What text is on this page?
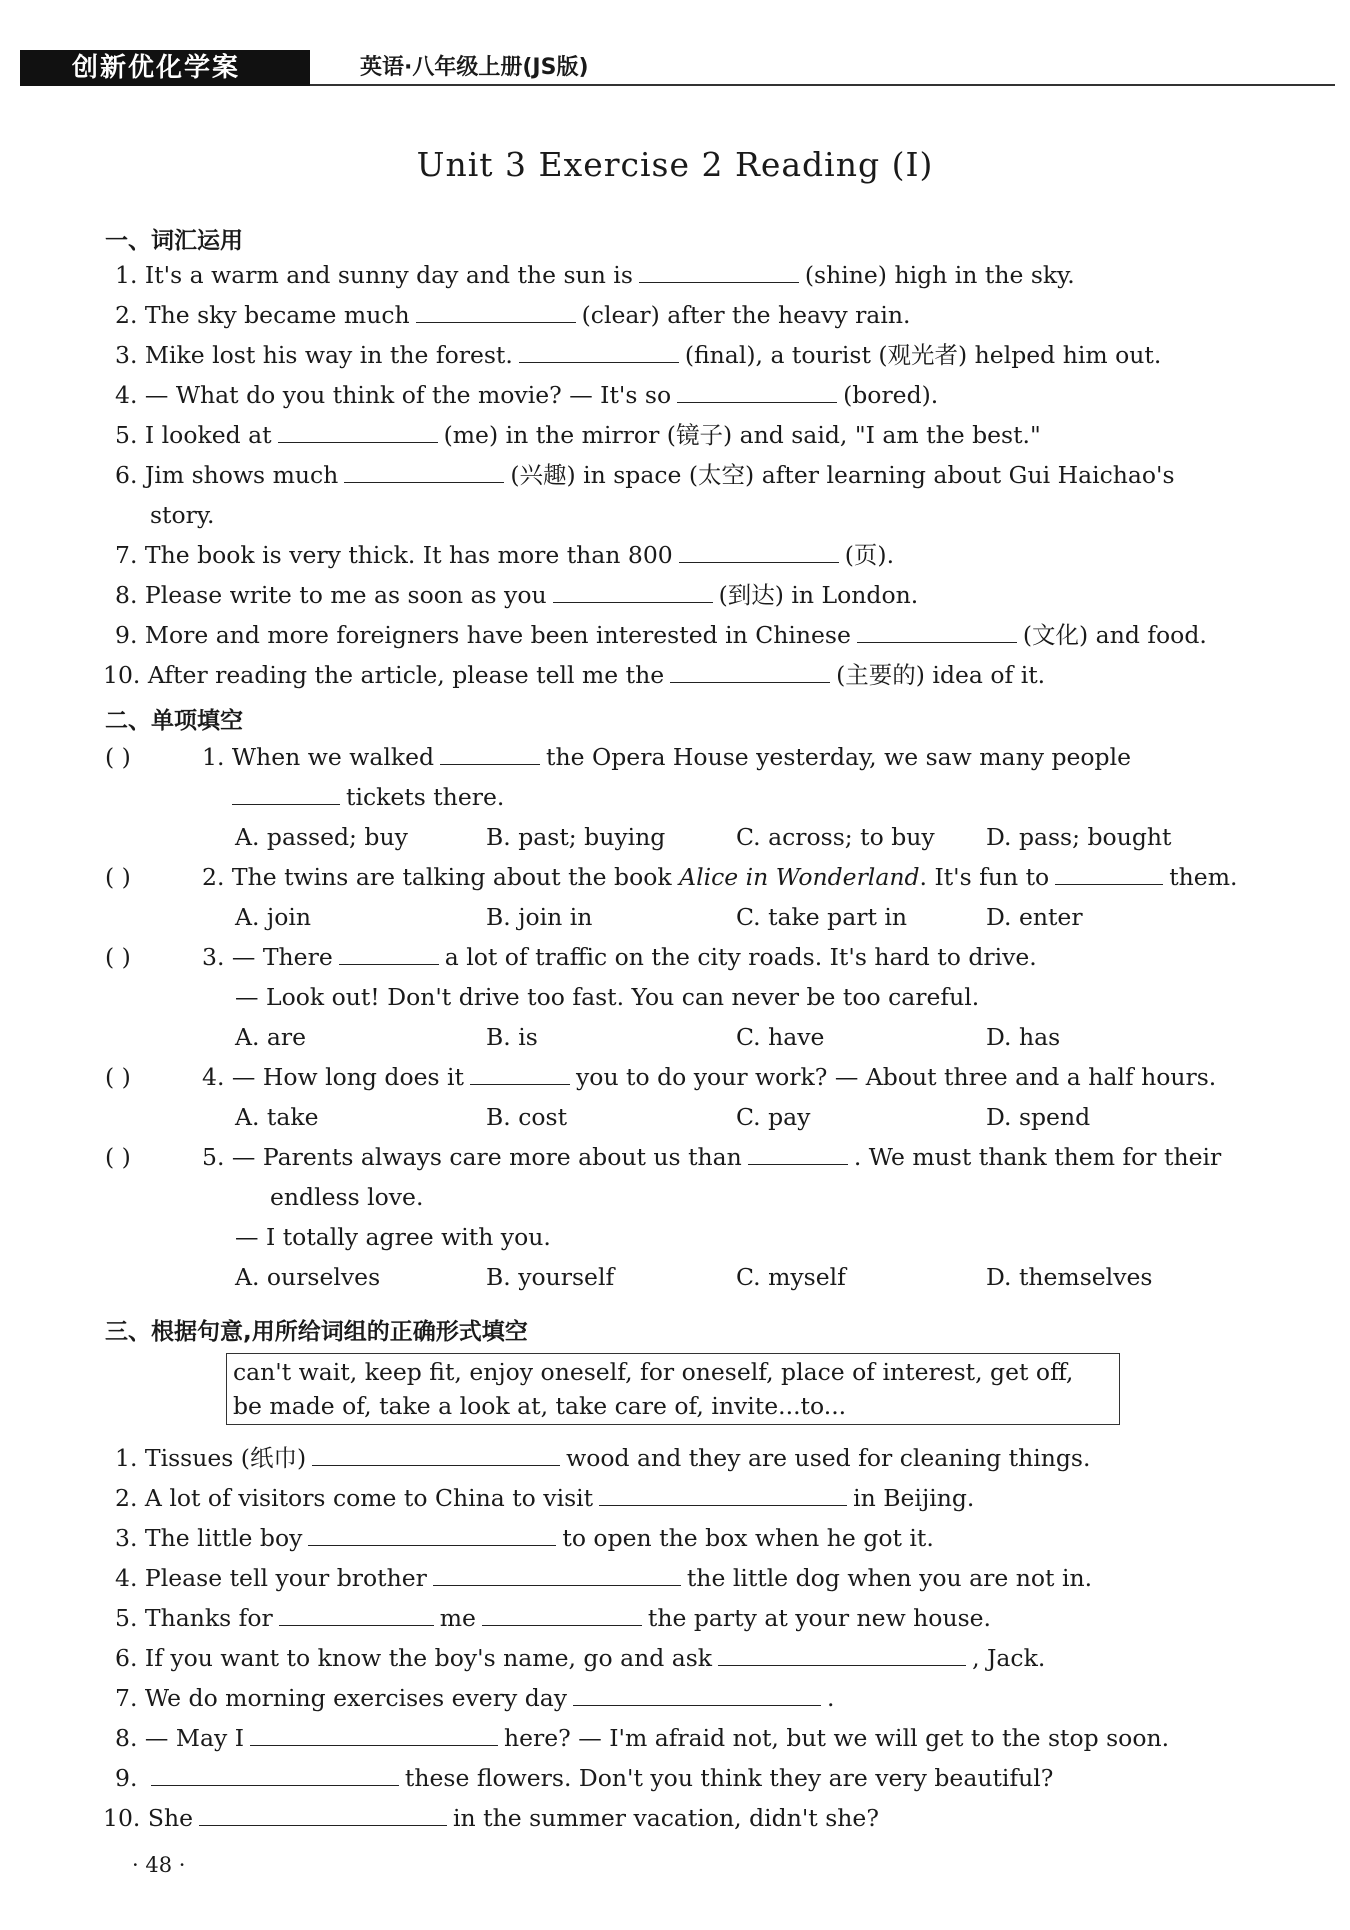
创新优化学案	英语·八年级上册(JS版)
Unit 3 Exercise 2 Reading (Ⅰ)
一、词汇运用
1. It's a warm and sunny day and the sun is	(shine) high in the sky.
2. The sky became much	(clear) after the heavy rain.
3. Mike lost his way in the forest.	(final), a tourist (观光者) helped him out.
4. — What do you think of the movie? — It's so	(bored).
5. I looked at	(me) in the mirror (镜子) and said, "I am the best."
6. Jim shows much	(兴趣) in space (太空) after learning about Gui Haichao's
story.
7. The book is very thick. It has more than 800	(页).
8. Please write to me as soon as you	(到达) in London.
9. More and more foreigners have been interested in Chinese	(文化) and food.
10. After reading the article, please tell me the	(主要的) idea of it.
二、单项填空
( )	1. When we walked	the Opera House yesterday, we saw many people
tickets there.
A. passed; buy	B. past; buying	C. across; to buy D. pass; bought
( )	2. The twins are talking about the book Alice in Wonderland. It's fun to	them.
A. join	B. join in	C. take part in	D. enter
( )	3. — There	a lot of traffic on the city roads. It's hard to drive.
— Look out! Don't drive too fast. You can never be too careful.
A. are	B. is	C. have	D. has
( )	4. — How long does it	you to do your work? — About three and a half hours.
A. take	B. cost	C. pay	D. spend
( )	5. — Parents always care more about us than	. We must thank them for their
endless love.
— I totally agree with you.
A. ourselves	B. yourself	C. myself	D. themselves
三、根据句意,用所给词组的正确形式填空
can't wait, keep fit, enjoy oneself, for oneself, place of interest, get off,
be made of, take a look at, take care of, invite...to...
1. Tissues (纸巾)	wood and they are used for cleaning things.
2. A lot of visitors come to China to visit	in Beijing.
3. The little boy	to open the box when he got it.
4. Please tell your brother	the little dog when you are not in.
5. Thanks for	me	the party at your new house.
6. If you want to know the boy's name, go and ask	, Jack.
7. We do morning exercises every day	.
8. — May I	here? — I'm afraid not, but we will get to the stop soon.
9.	these flowers. Don't you think they are very beautiful?
10. She	in the summer vacation, didn't she?
· 48 ·
